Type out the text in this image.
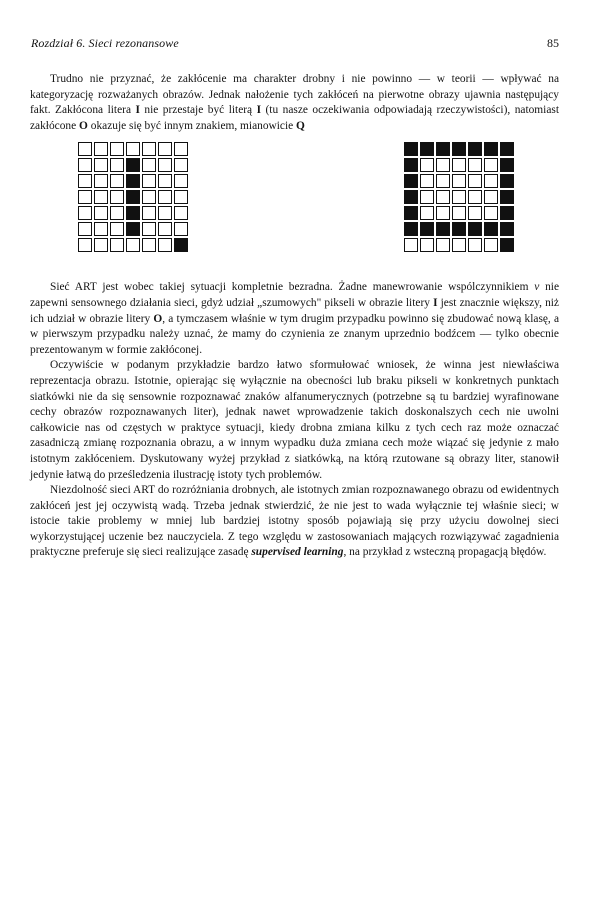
Rozdział 6. Sieci rezonansowe	85

Trudno nie przyznać, że zakłócenie ma charakter drobny i nie powinno — w teorii — wpływać na kategoryzację rozważanych obrazów. Jednak nałożenie tych zakłóceń na pierwotne obrazy ujawnia następujący fakt. Zakłócona litera I nie przestaje być literą I (tu nasze oczekiwania odpowiadają rzeczywistości), natomiast zakłócone O okazuje się być innym znakiem, mianowicie Q

Sieć ART jest wobec takiej sytuacji kompletnie bezradna. Żadne manewrowanie wspólczynnikiem v nie zapewni sensownego działania sieci, gdyż udział „szumowych" pikseli w obrazie litery I jest znacznie większy, niż ich udział w obrazie litery O, a tymczasem właśnie w tym drugim przypadku powinno się zbudować nową klasę, a w pierwszym przypadku należy uznać, że mamy do czynienia ze znanym uprzednio bodźcem — tylko obecnie prezentowanym w formie zakłóconej.

Oczywiście w podanym przykładzie bardzo łatwo sformułować wniosek, że winna jest niewłaściwa reprezentacja obrazu. Istotnie, opierając się wyłącznie na obecności lub braku pikseli w konkretnych punktach siatkówki nie da się sensownie rozpoznawać znaków alfanumerycznych (potrzebne są tu bardziej wyrafinowane cechy obrazów rozpoznawanych liter), jednak nawet wprowadzenie takich doskonalszych cech nie uwolni całkowicie nas od częstych w praktyce sytuacji, kiedy drobna zmiana kilku z tych cech raz może oznaczać zasadniczą zmianę rozpoznania obrazu, a w innym wypadku duża zmiana cech może wiązać się jedynie z mało istotnym zakłóceniem. Dyskutowany wyżej przykład z siatkówką, na którą rzutowane są obrazy liter, stanowił jedynie łatwą do prześledzenia ilustrację istoty tych problemów.

Niezdolność sieci ART do rozróżniania drobnych, ale istotnych zmian rozpoznawanego obrazu od ewidentnych zakłóceń jest jej oczywistą wadą. Trzeba jednak stwierdzić, że nie jest to wada wyłącznie tej właśnie sieci; w istocie takie problemy w mniej lub bardziej istotny sposób pojawiają się przy użyciu dowolnej sieci wykorzystującej uczenie bez nauczyciela. Z tego względu w zastosowaniach mających rozwiązywać zagadnienia praktyczne preferuje się sieci realizujące zasadę supervised learning, na przykład z wsteczną propagacją błędów.
